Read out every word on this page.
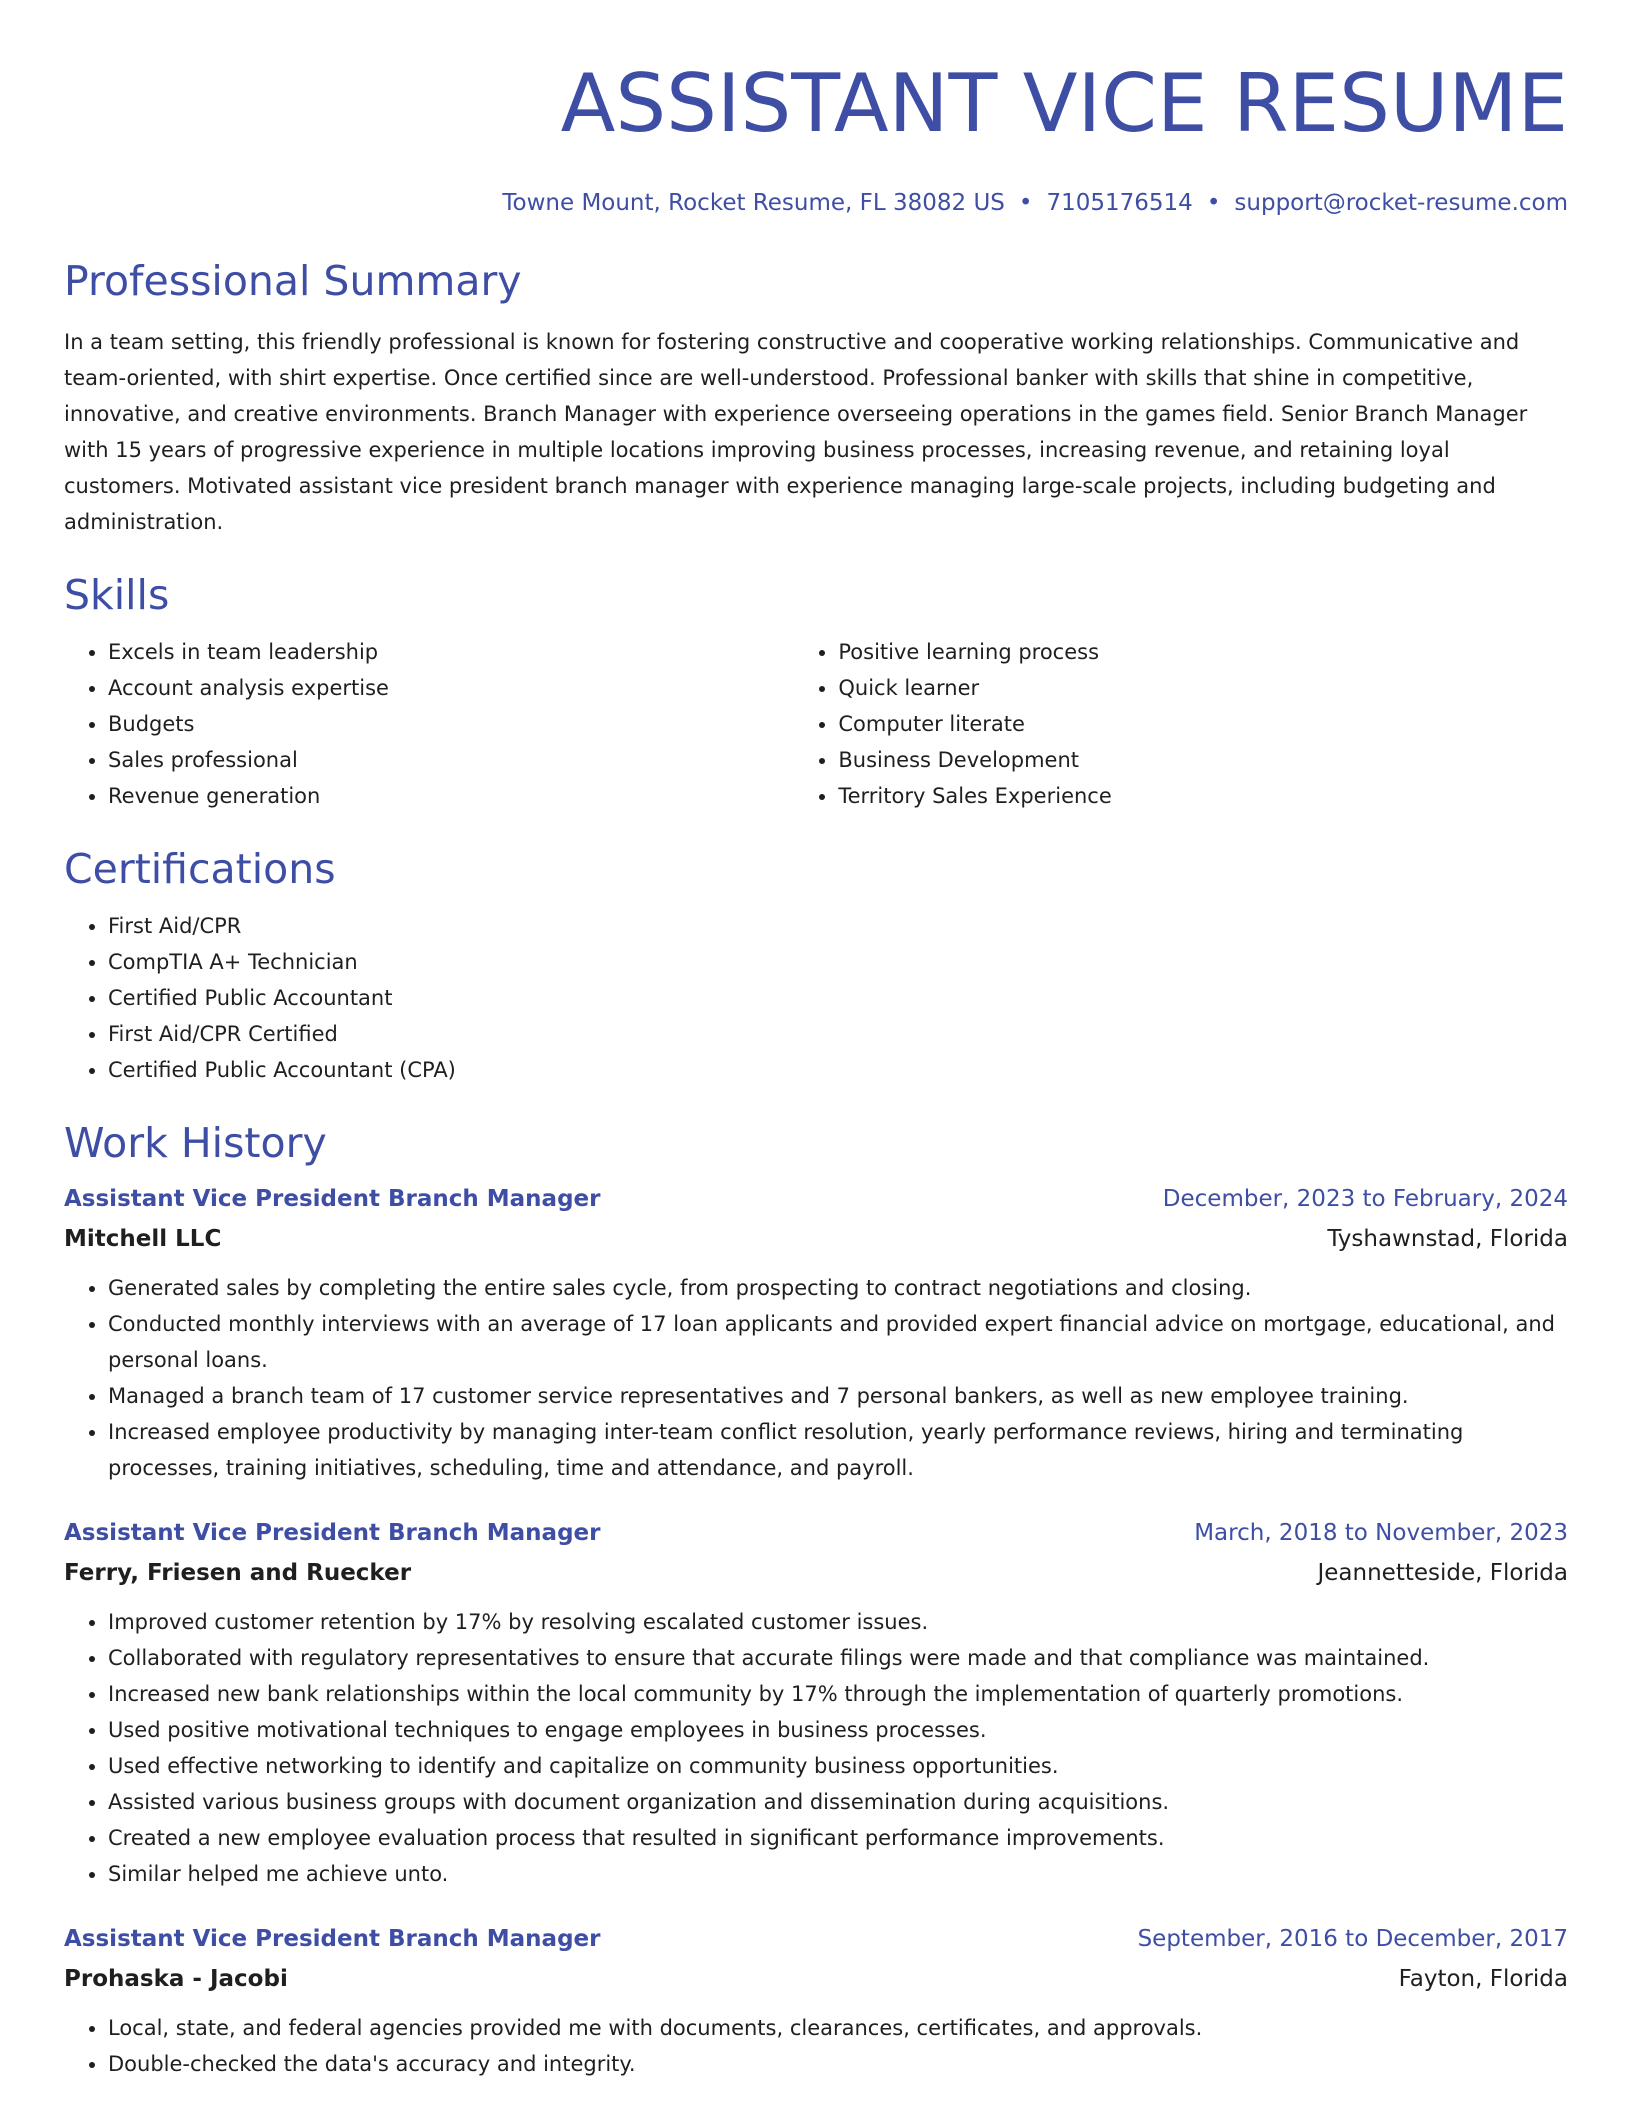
ASSISTANT VICE RESUME
Towne Mount, Rocket Resume, FL 38082 US • 7105176514 • support@rocket-resume.com
Professional Summary

In a team setting, this friendly professional is known for fostering constructive and cooperative working relationships. Communicative and team-oriented, with shirt expertise. Once certified since are well-understood. Professional banker with skills that shine in competitive, innovative, and creative environments. Branch Manager with experience overseeing operations in the games field. Senior Branch Manager with 15 years of progressive experience in multiple locations improving business processes, increasing revenue, and retaining loyal customers. Motivated assistant vice president branch manager with experience managing large-scale projects, including budgeting and administration.

Skills
• Excels in team leadership
• Account analysis expertise
• Budgets
• Sales professional
• Revenue generation
• Positive learning process
• Quick learner
• Computer literate
• Business Development
• Territory Sales Experience
Certifications
• First Aid/CPR
• CompTIA A+ Technician
• Certified Public Accountant
• First Aid/CPR Certified
• Certified Public Accountant (CPA)
Work History
Assistant Vice President Branch Manager	December, 2023 to February, 2024
Mitchell LLC	Tyshawnstad, Florida
• Generated sales by completing the entire sales cycle, from prospecting to contract negotiations and closing.
• Conducted monthly interviews with an average of 17 loan applicants and provided expert financial advice on mortgage, educational, and personal loans.
• Managed a branch team of 17 customer service representatives and 7 personal bankers, as well as new employee training.
• Increased employee productivity by managing inter-team conflict resolution, yearly performance reviews, hiring and terminating processes, training initiatives, scheduling, time and attendance, and payroll.
Assistant Vice President Branch Manager	March, 2018 to November, 2023
Ferry, Friesen and Ruecker	Jeannetteside, Florida
• Improved customer retention by 17% by resolving escalated customer issues.
• Collaborated with regulatory representatives to ensure that accurate filings were made and that compliance was maintained.
• Increased new bank relationships within the local community by 17% through the implementation of quarterly promotions.
• Used positive motivational techniques to engage employees in business processes.
• Used effective networking to identify and capitalize on community business opportunities.
• Assisted various business groups with document organization and dissemination during acquisitions.
• Created a new employee evaluation process that resulted in significant performance improvements.
• Similar helped me achieve unto.
Assistant Vice President Branch Manager	September, 2016 to December, 2017
Prohaska - Jacobi	Fayton, Florida
• Local, state, and federal agencies provided me with documents, clearances, certificates, and approvals.
• Double-checked the data's accuracy and integrity.
